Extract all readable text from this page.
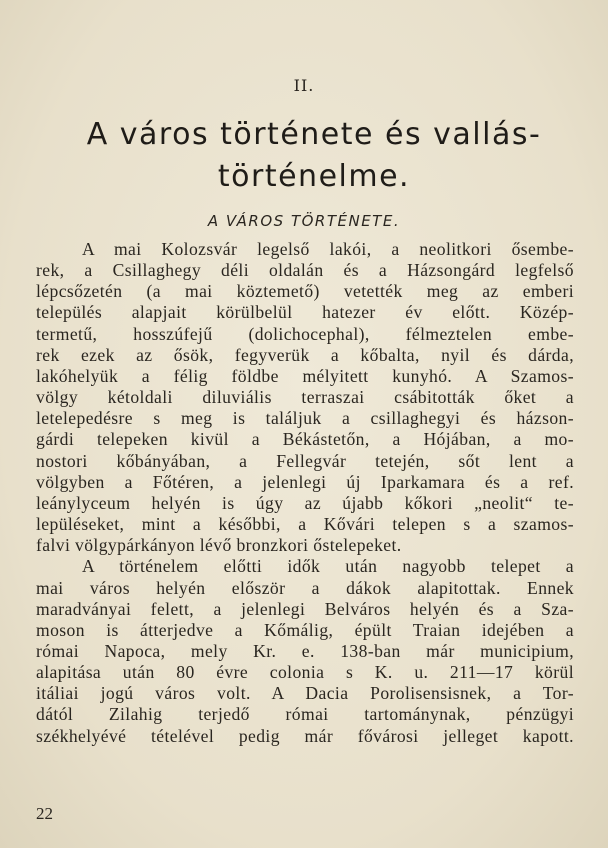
II.
A város története és vallás-
történelme.
A VÁROS TÖRTÉNETE.
A mai Kolozsvár legelső lakói, a neolitkori ősembe-
rek, a Csillaghegy déli oldalán és a Házsongárd legfelső
lépcsőzetén (a mai köztemető) vetették meg az emberi
település alapjait körülbelül hatezer év előtt. Közép-
termetű, hosszúfejű (dolichocephal), félmeztelen embe-
rek ezek az ősök, fegyverük a kőbalta, nyil és dárda,
lakóhelyük a félig földbe mélyitett kunyhó. A Szamos-
völgy kétoldali diluviális terraszai csábitották őket a
letelepedésre s meg is találjuk a csillaghegyi és házson-
gárdi telepeken kivül a Békástetőn, a Hójában, a mo-
nostori kőbányában, a Fellegvár tetején, sőt lent a
völgyben a Főtéren, a jelenlegi új Iparkamara és a ref.
leánylyceum helyén is úgy az újabb kőkori „neolit“ te-
lepüléseket, mint a későbbi, a Kővári telepen s a szamos-
falvi völgypárkányon lévő bronzkori őstelepeket.
A történelem előtti idők után nagyobb telepet a
mai város helyén először a dákok alapitottak. Ennek
maradványai felett, a jelenlegi Belváros helyén és a Sza-
moson is átterjedve a Kőmálig, épült Traian idejében a
római Napoca, mely Kr. e. 138-ban már municipium,
alapitása után 80 évre colonia s K. u. 211—17 körül
itáliai jogú város volt. A Dacia Porolisensisnek, a Tor-
dától Zilahig terjedő római tartománynak, pénzügyi
székhelyévé tételével pedig már fővárosi jelleget kapott.
22
